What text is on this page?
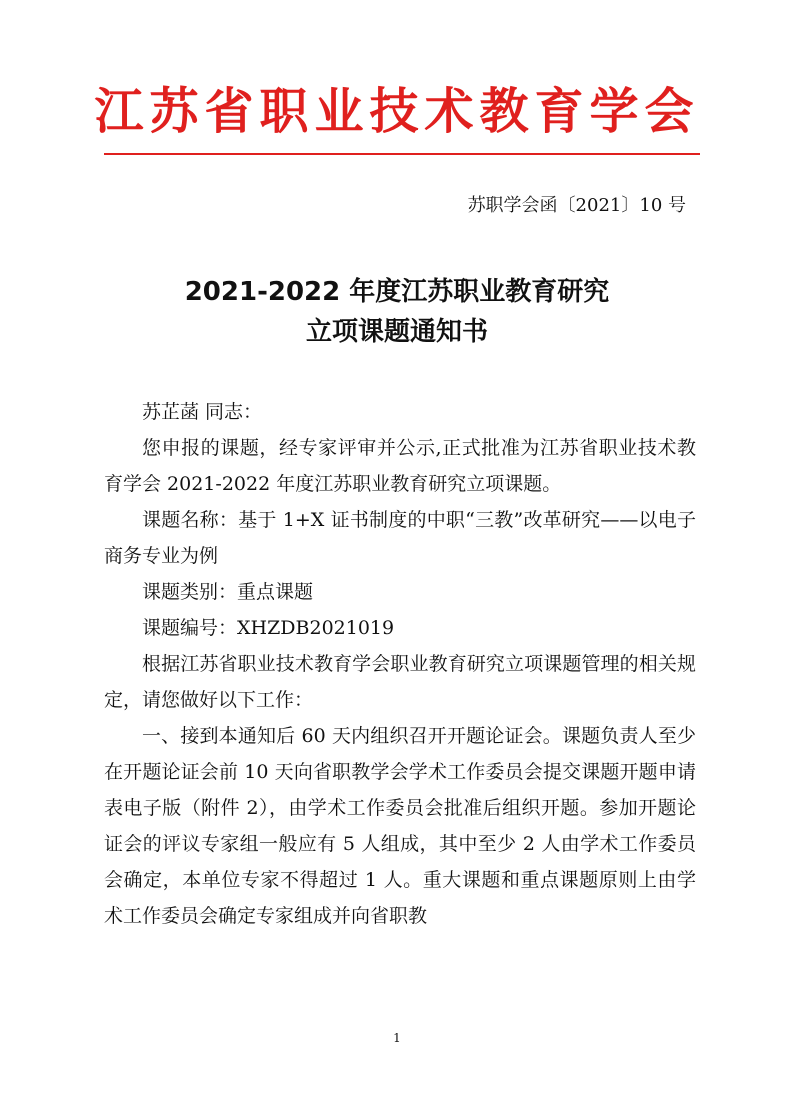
江苏省职业技术教育学会
苏职学会函〔2021〕10 号
2021-2022 年度江苏职业教育研究
立项课题通知书

苏芷菡 同志：

您申报的课题，经专家评审并公示,正式批准为江苏省职业技术教育学会 2021-2022 年度江苏职业教育研究立项课题。

课题名称：基于 1+X 证书制度的中职“三教”改革研究——以电子商务专业为例

课题类别：重点课题

课题编号：XHZDB2021019

根据江苏省职业技术教育学会职业教育研究立项课题管理的相关规定，请您做好以下工作：

一、接到本通知后 60 天内组织召开开题论证会。课题负责人至少在开题论证会前 10 天向省职教学会学术工作委员会提交课题开题申请表电子版（附件 2），由学术工作委员会批准后组织开题。参加开题论证会的评议专家组一般应有 5 人组成，其中至少 2 人由学术工作委员会确定，本单位专家不得超过 1 人。重大课题和重点课题原则上由学术工作委员会确定专家组成并向省职教

1
